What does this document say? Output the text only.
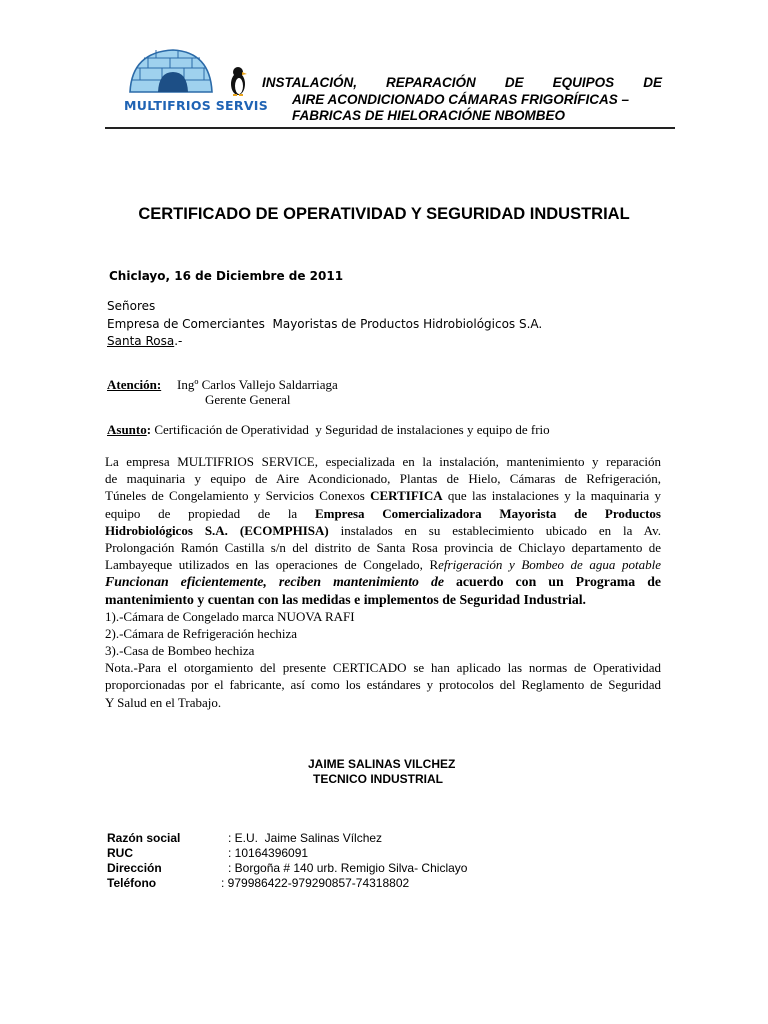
MULTIFRIOS SERVIS
INSTALACIÓN,  REPARACIÓN  DE  EQUIPOS  DE
AIRE ACONDICIONADO CÁMARAS FRIGORÍFICAS –
FABRICAS DE HIELORACIÓNE NBOMBEO
CERTIFICADO DE OPERATIVIDAD Y SEGURIDAD INDUSTRIAL
Chiclayo, 16 de Diciembre de 2011
Señores
Empresa de Comerciantes  Mayoristas de Productos Hidrobiológicos S.A.
Santa Rosa.-
Atención: Ingº Carlos Vallejo Saldarriaga
Gerente General
Asunto: Certificación de Operatividad  y Seguridad de instalaciones y equipo de frio
La empresa MULTIFRIOS SERVICE, especializada en la instalación, mantenimiento y reparación
de maquinaria y equipo de Aire Acondicionado, Plantas de Hielo, Cámaras de Refrigeración,
Túneles de Congelamiento y Servicios Conexos CERTIFICA que las instalaciones y la maquinaria y
equipo de propiedad de la Empresa Comercializadora Mayorista de Productos
Hidrobiológicos S.A. (ECOMPHISA) instalados en su establecimiento ubicado en la Av.
Prolongación Ramón Castilla s/n del distrito de Santa Rosa provincia de Chiclayo departamento de
Lambayeque utilizados en las operaciones de Congelado, Refrigeración y Bombeo de agua potable
Funcionan eficientemente, reciben mantenimiento de acuerdo con un Programa de
mantenimiento y cuentan con las medidas e implementos de Seguridad Industrial.
1).-Cámara de Congelado marca NUOVA RAFI
2).-Cámara de Refrigeración hechiza
3).-Casa de Bombeo hechiza
Nota.-Para el otorgamiento del presente CERTICADO se han aplicado las normas de Operatividad
proporcionadas por el fabricante, así como los estándares y protocolos del Reglamento de Seguridad
Y Salud en el Trabajo.
JAIME SALINAS VILCHEZ
TECNICO INDUSTRIAL
Razón social
RUC
Dirección
Teléfono
: E.U.  Jaime Salinas Vílchez
: 10164396091
: Borgoña # 140 urb. Remigio Silva- Chiclayo
: 979986422-979290857-74318802
